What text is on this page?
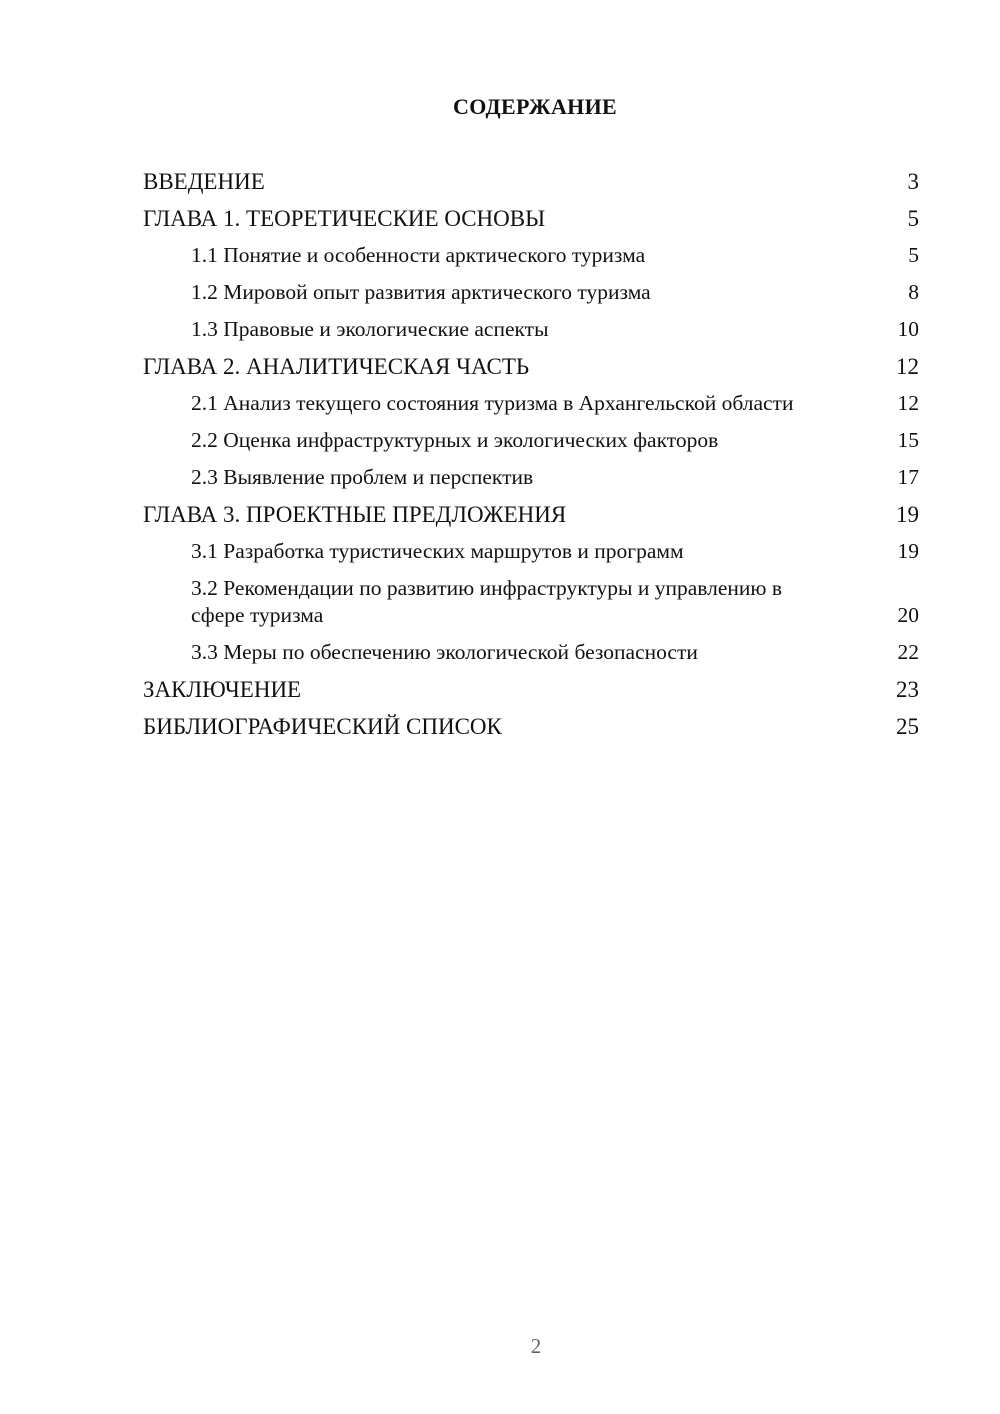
СОДЕРЖАНИЕ
ВВЕДЕНИЕ	3
ГЛАВА 1. ТЕОРЕТИЧЕСКИЕ ОСНОВЫ	5
1.1 Понятие и особенности арктического туризма	5
1.2 Мировой опыт развития арктического туризма	8
1.3 Правовые и экологические аспекты	10
ГЛАВА 2. АНАЛИТИЧЕСКАЯ ЧАСТЬ	12
2.1 Анализ текущего состояния туризма в Архангельской области	12
2.2 Оценка инфраструктурных и экологических факторов	15
2.3 Выявление проблем и перспектив	17
ГЛАВА 3. ПРОЕКТНЫЕ ПРЕДЛОЖЕНИЯ	19
3.1 Разработка туристических маршрутов и программ	19
3.2 Рекомендации по развитию инфраструктуры и управлению в сфере туризма	20
3.3 Меры по обеспечению экологической безопасности	22
ЗАКЛЮЧЕНИЕ	23
БИБЛИОГРАФИЧЕСКИЙ СПИСОК	25
2
